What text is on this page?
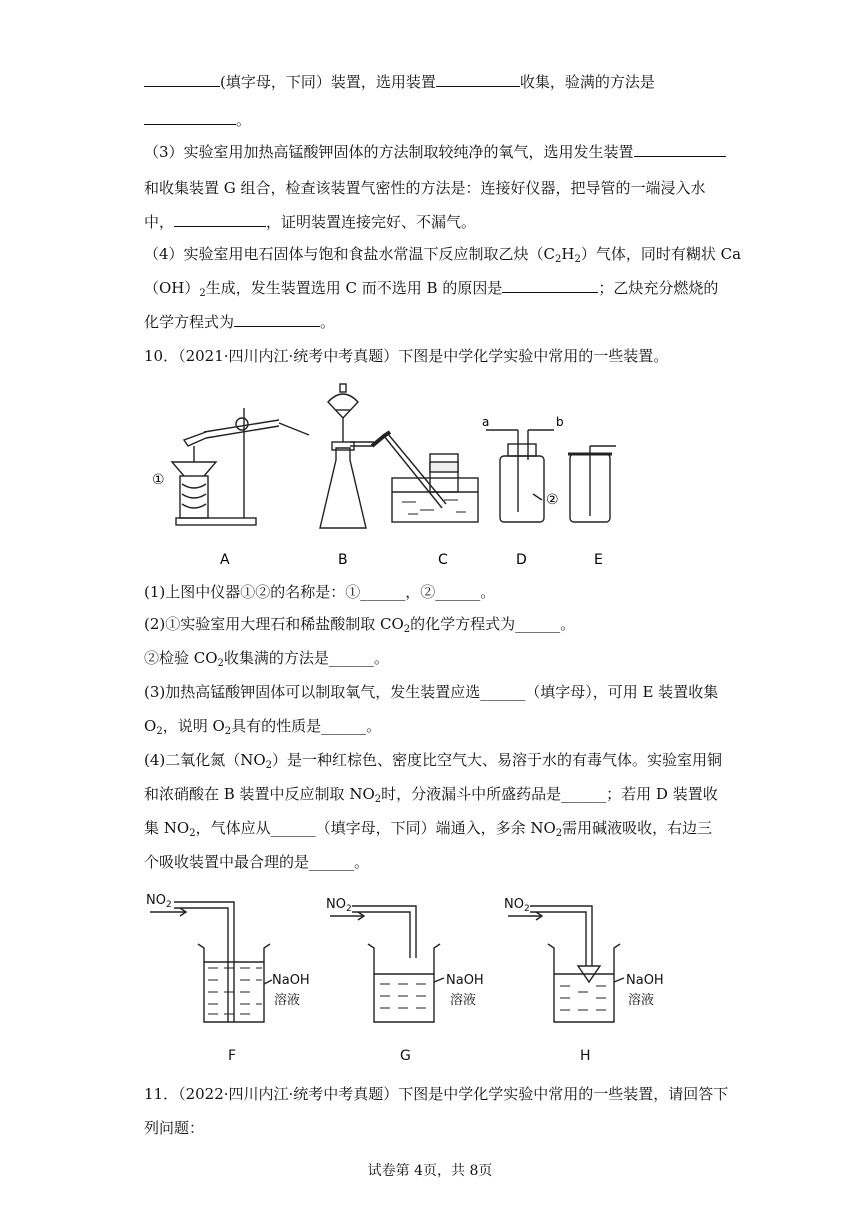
(填字母，下同）装置，选用装置	收集，验满的方法是
。
（3）实验室用加热高锰酸钾固体的方法制取较纯净的氧气，选用发生装置
和收集装置 G 组合，检查该装置气密性的方法是：连接好仪器，把导管的一端浸入水
中，	，证明装置连接完好、不漏气。
（4）实验室用电石固体与饱和食盐水常温下反应制取乙炔$(C_2H_2)$气体，同时有糊状 Ca
$(OH)_2$生成，发生装置选用 C 而不选用 B 的原因是	；乙炔充分燃烧的
化学方程式为	。
10．（2021·四川内江·统考中考真题）下图是中学化学实验中常用的一些装置。
①
②
a	b
A	B	C	D	E
(1)上图中仪器①②的名称是：①______，②______。
(2)①实验室用大理石和稀盐酸制取 $CO_2$的化学方程式为______。
②检验 $CO_2$收集满的方法是______。
(3)加热高锰酸钾固体可以制取氧气，发生装置应选______（填字母），可用 E 装置收集
$O_2$，说明 $O_2$具有的性质是______。
(4)二氧化氮$(NO_2)$是一种红棕色、密度比空气大、易溶于水的有毒气体。实验室用铜
和浓硝酸在 B 装置中反应制取 $NO_2$时，分液漏斗中所盛药品是______；若用 D 装置收
集 $NO_2$，气体应从______（填字母，下同）端通入，多余 $NO_2$需用碱液吸收，右边三
个吸收装置中最合理的是______。
$NO_2$	$NO_2$	$NO_2$
NaOH
溶液
NaOH
溶液
NaOH
溶液
F	G	H
11．（2022·四川内江·统考中考真题）下图是中学化学实验中常用的一些装置，请回答下
列问题：
试卷第 4页，共 8页
